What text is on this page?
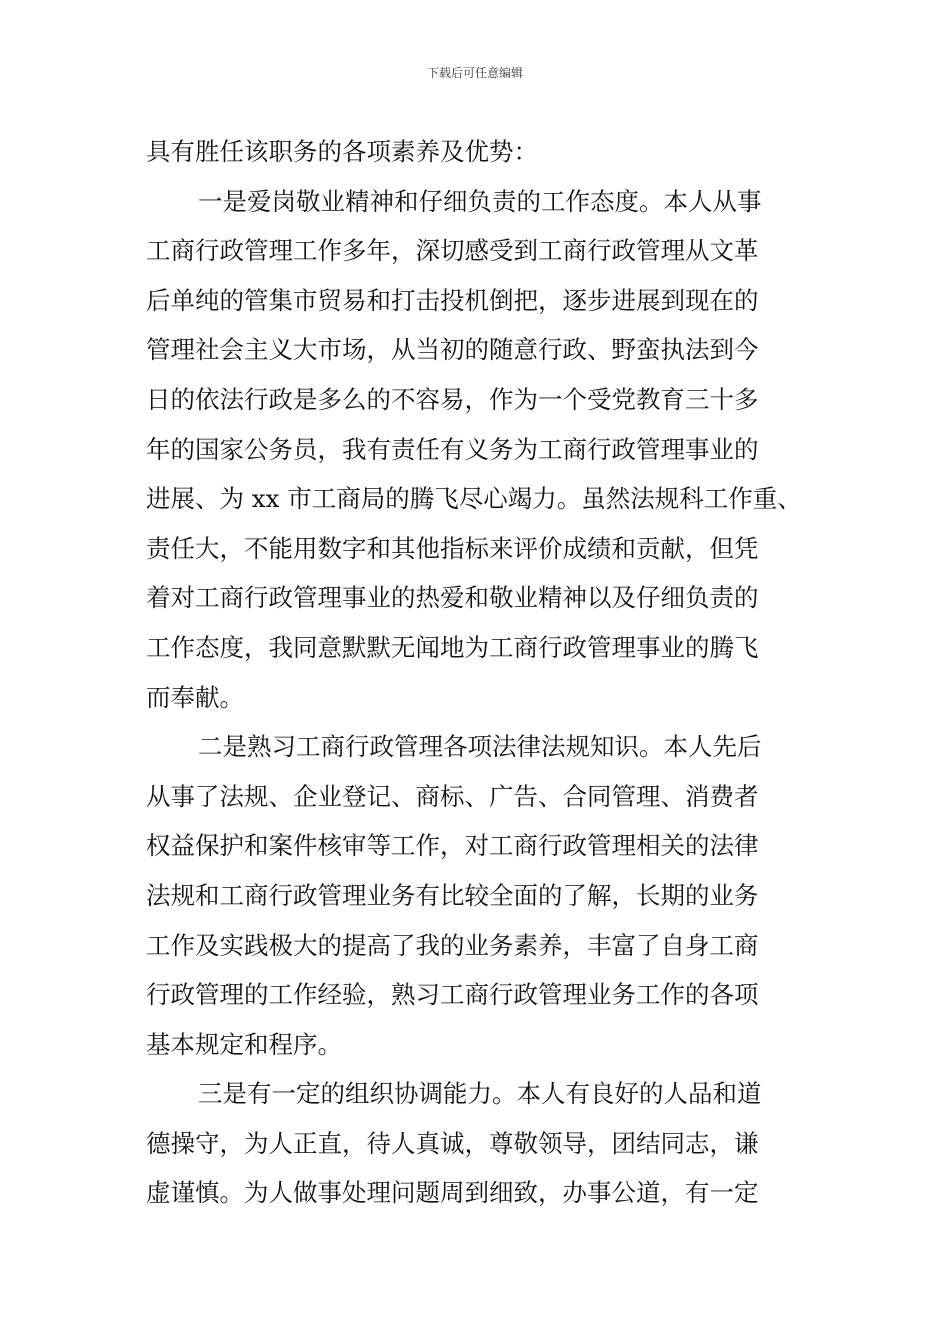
下载后可任意编辑
具有胜任该职务的各项素养及优势：
一是爱岗敬业精神和仔细负责的工作态度。本人从事
工商行政管理工作多年，深切感受到工商行政管理从文革
后单纯的管集市贸易和打击投机倒把，逐步进展到现在的
管理社会主义大市场，从当初的随意行政、野蛮执法到今
日的依法行政是多么的不容易，作为一个受党教育三十多
年的国家公务员，我有责任有义务为工商行政管理事业的
进展、为 xx 市工商局的腾飞尽心竭力。虽然法规科工作重、
责任大，不能用数字和其他指标来评价成绩和贡献，但凭
着对工商行政管理事业的热爱和敬业精神以及仔细负责的
工作态度，我同意默默无闻地为工商行政管理事业的腾飞
而奉献。
二是熟习工商行政管理各项法律法规知识。本人先后
从事了法规、企业登记、商标、广告、合同管理、消费者
权益保护和案件核审等工作，对工商行政管理相关的法律
法规和工商行政管理业务有比较全面的了解，长期的业务
工作及实践极大的提高了我的业务素养，丰富了自身工商
行政管理的工作经验，熟习工商行政管理业务工作的各项
基本规定和程序。
三是有一定的组织协调能力。本人有良好的人品和道
德操守，为人正直，待人真诚，尊敬领导，团结同志，谦
虚谨慎。为人做事处理问题周到细致，办事公道，有一定
